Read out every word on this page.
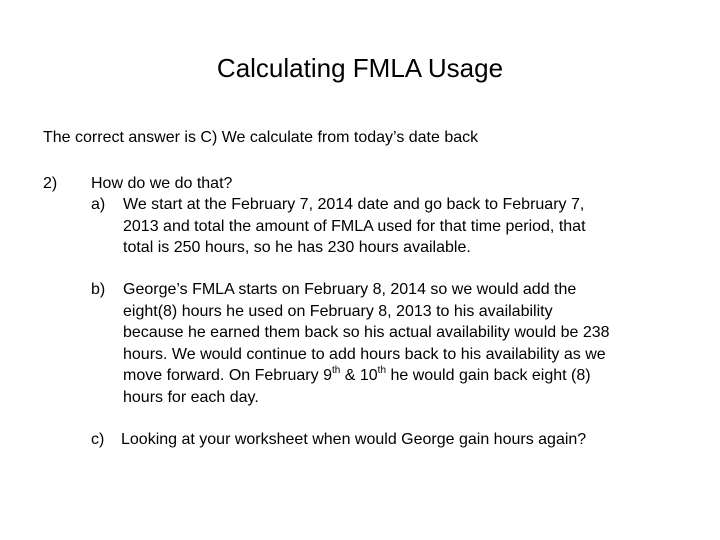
Calculating FMLA Usage

The correct answer is C) We calculate from today’s date back

2) How do we do that?
a) We start at the February 7, 2014 date and go back to February 7,
2013 and total the amount of FMLA used for that time period, that
total is 250 hours, so he has 230 hours available.
b) George’s FMLA starts on February 8, 2014 so we would add the
eight(8) hours he used on February 8, 2013 to his availability
because he earned them back so his actual availability would be 238
hours. We would continue to add hours back to his availability as we
move forward. On February 9th & 10th he would gain back eight (8)
hours for each day.
c) Looking at your worksheet when would George gain hours again?
